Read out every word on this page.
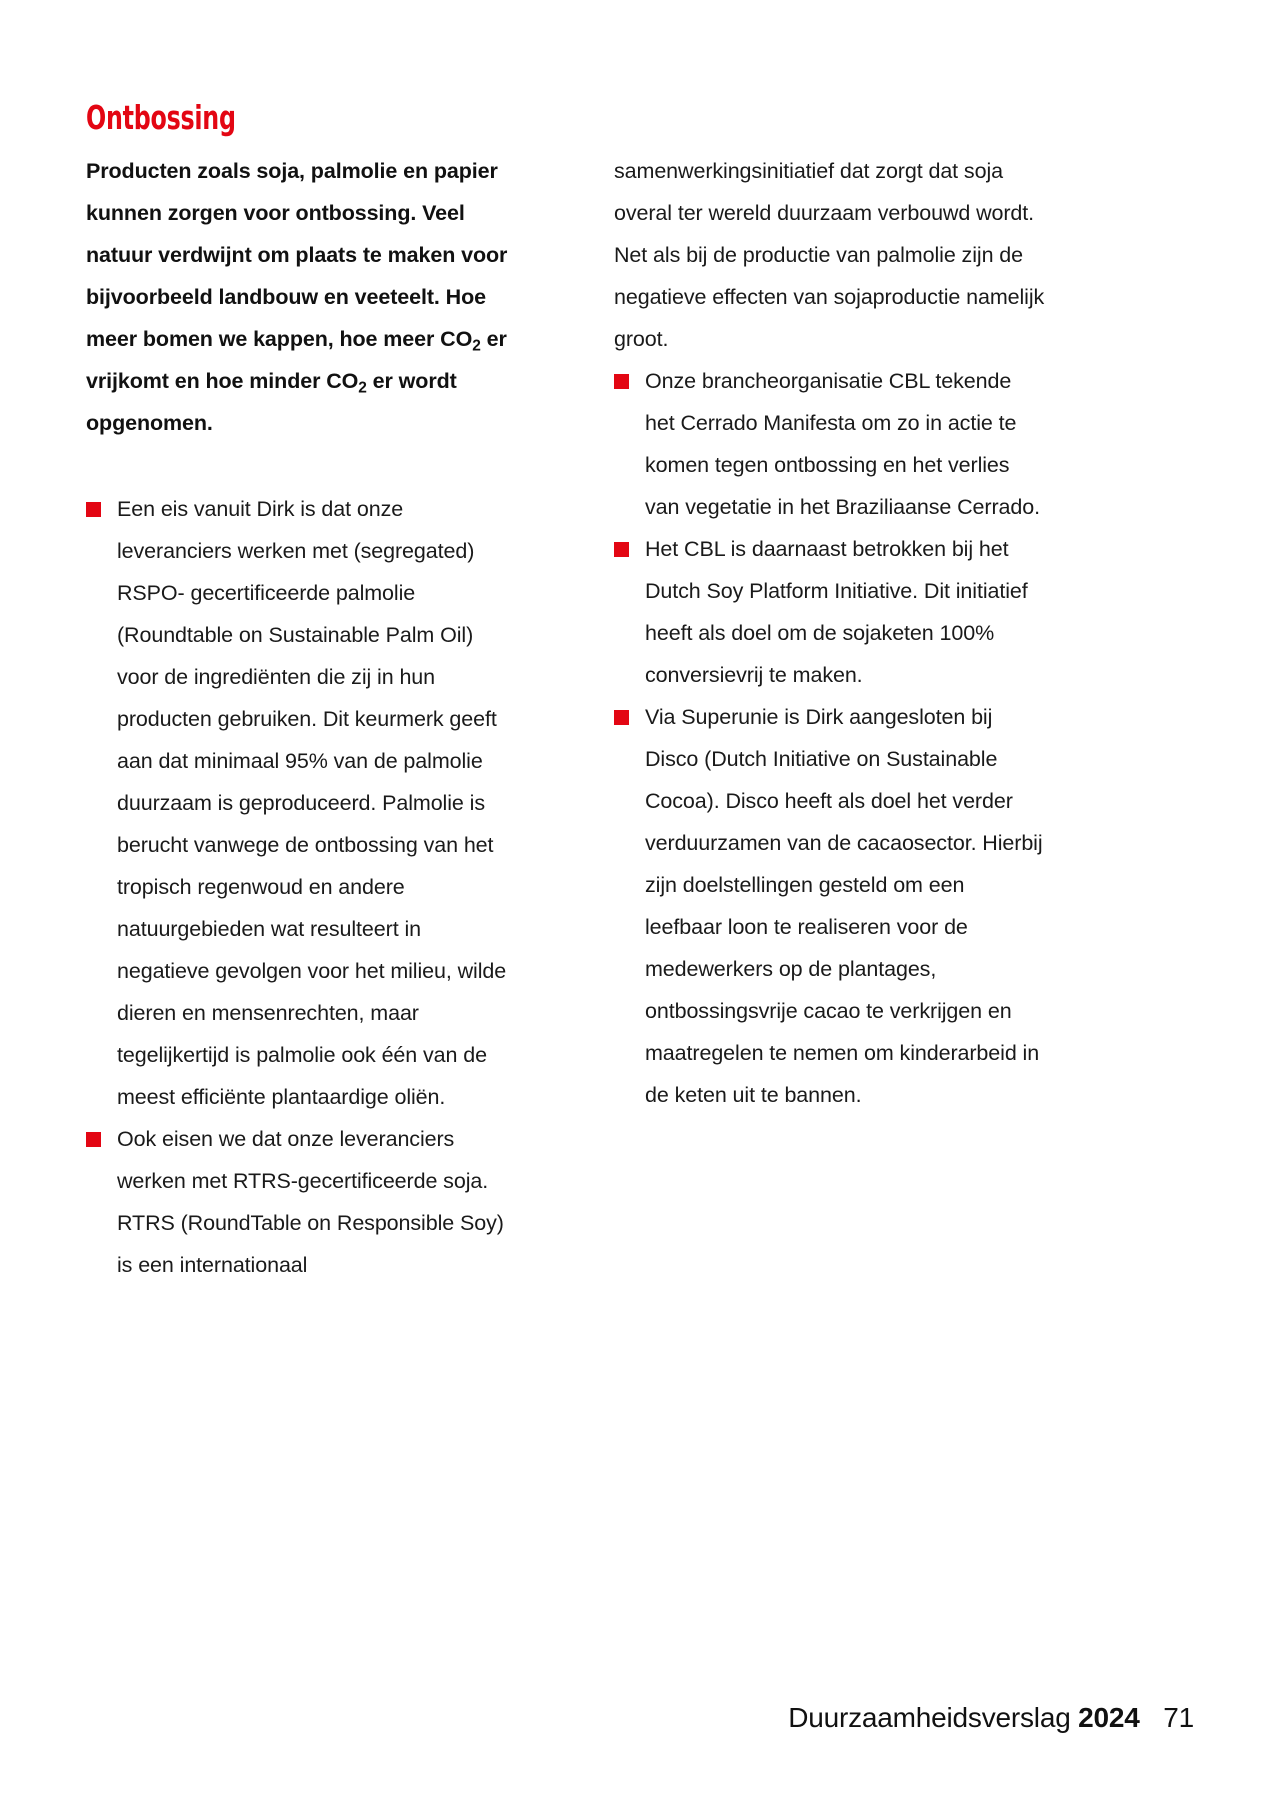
Ontbossing

Producten zoals soja, palmolie en papier kunnen zorgen voor ontbossing. Veel natuur verdwijnt om plaats te maken voor bijvoorbeeld landbouw en veeteelt. Hoe meer bomen we kappen, hoe meer $CO_2$ er vrijkomt en hoe minder $CO_2$ er wordt opgenomen.

Een eis vanuit Dirk is dat onze leveranciers werken met (segregated) RSPO- gecertificeerde palmolie (Roundtable on Sustainable Palm Oil) voor de ingrediënten die zij in hun producten gebruiken. Dit keurmerk geeft aan dat minimaal 95% van de palmolie duurzaam is geproduceerd. Palmolie is berucht vanwege de ontbossing van het tropisch regenwoud en andere natuurgebieden wat resulteert in negatieve gevolgen voor het milieu, wilde dieren en mensenrechten, maar tegelijkertijd is palmolie ook één van de meest efficiënte plantaardige oliën.
Ook eisen we dat onze leveranciers werken met RTRS-gecertificeerde soja. RTRS (RoundTable on Responsible Soy) is een internationaal

samenwerkingsinitiatief dat zorgt dat soja overal ter wereld duurzaam verbouwd wordt. Net als bij de productie van palmolie zijn de negatieve effecten van sojaproductie namelijk groot.

Onze brancheorganisatie CBL tekende het Cerrado Manifesta om zo in actie te komen tegen ontbossing en het verlies van vegetatie in het Braziliaanse Cerrado.
Het CBL is daarnaast betrokken bij het Dutch Soy Platform Initiative. Dit initiatief heeft als doel om de sojaketen 100% conversievrij te maken.
Via Superunie is Dirk aangesloten bij Disco (Dutch Initiative on Sustainable Cocoa). Disco heeft als doel het verder verduurzamen van de cacaosector. Hierbij zijn doelstellingen gesteld om een leefbaar loon te realiseren voor de medewerkers op de plantages, ontbossingsvrije cacao te verkrijgen en maatregelen te nemen om kinderarbeid in de keten uit te bannen.
Duurzaamheidsverslag 2024 71
